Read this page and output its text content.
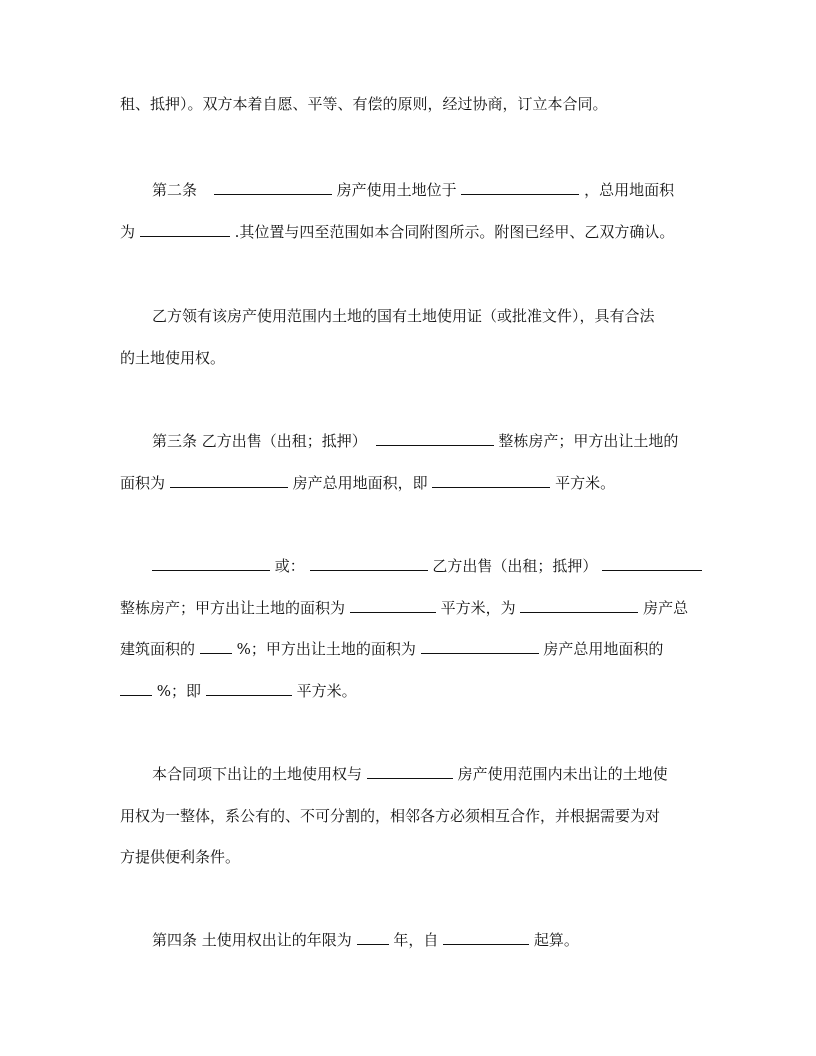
租、抵押）。双方本着自愿、平等、有偿的原则，经过协商，订立本合同。
第二条	房产使用土地位于	，总用地面积
为	.其位置与四至范围如本合同附图所示。附图已经甲、乙双方确认。
乙方领有该房产使用范围内土地的国有土地使用证（或批准文件），具有合法
的土地使用权。
第三条 乙方出售（出租；抵押）	整栋房产；甲方出让土地的
面积为	房产总用地面积，即	平方米。
或：	乙方出售（出租；抵押）
整栋房产；甲方出让土地的面积为	平方米，为	房产总
建筑面积的	%；甲方出让土地的面积为	房产总用地面积的
%；即	平方米。
本合同项下出让的土地使用权与	房产使用范围内未出让的土地使
用权为一整体，系公有的、不可分割的，相邻各方必须相互合作，并根据需要为对
方提供便利条件。
第四条 土使用权出让的年限为	年，自	起算。
